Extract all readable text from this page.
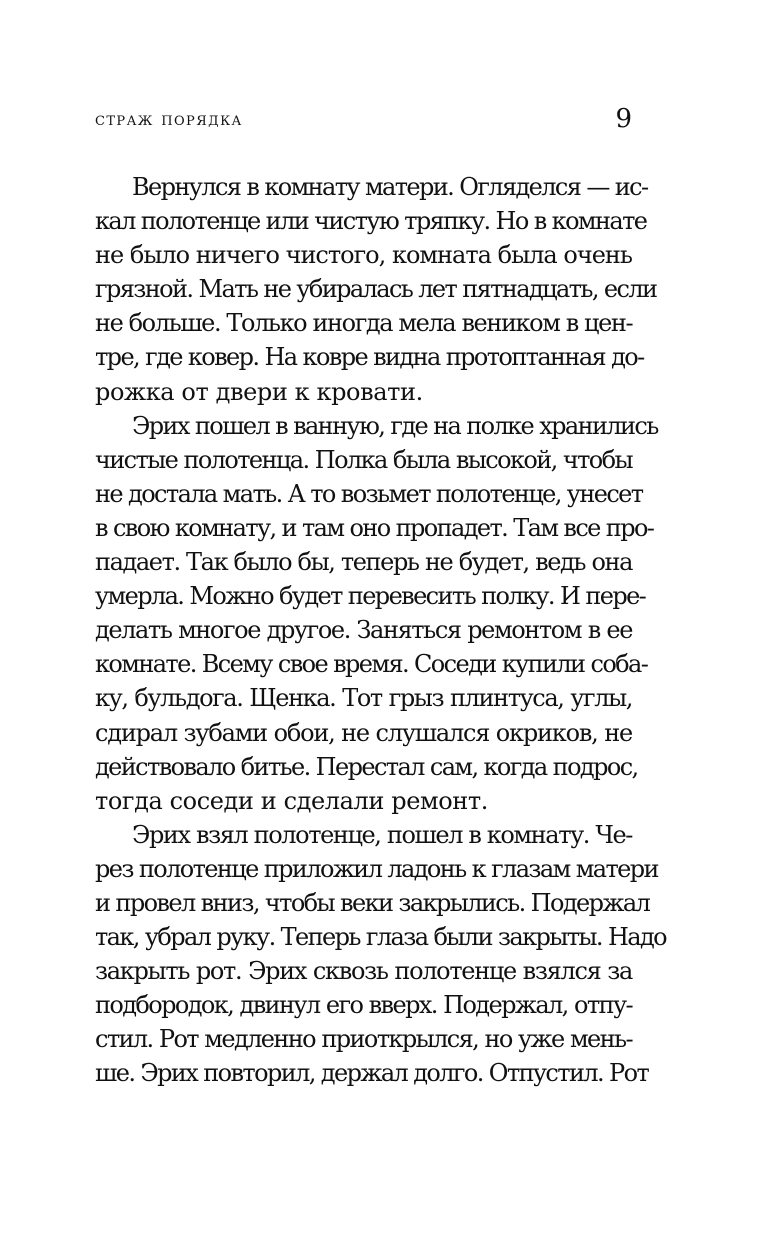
страж порядка	9
Вернулся в комнату матери. Огляделся — ис-
кал полотенце или чистую тряпку. Но в комнате
не было ничего чистого, комната была очень
грязной. Мать не убиралась лет пятнадцать, если
не больше. Только иногда мела веником в цен-
тре, где ковер. На ковре видна протоптанная до-
рожка от двери к кровати.
Эрих пошел в ванную, где на полке хранились
чистые полотенца. Полка была высокой, чтобы
не достала мать. А то возьмет полотенце, унесет
в свою комнату, и там оно пропадет. Там все про-
падает. Так было бы, теперь не будет, ведь она
умерла. Можно будет перевесить полку. И пере-
делать многое другое. Заняться ремонтом в ее
комнате. Всему свое время. Соседи купили соба-
ку, бульдога. Щенка. Тот грыз плинтуса, углы,
сдирал зубами обои, не слушался окриков, не
действовало битье. Перестал сам, когда подрос,
тогда соседи и сделали ремонт.
Эрих взял полотенце, пошел в комнату. Че-
рез полотенце приложил ладонь к глазам матери
и провел вниз, чтобы веки закрылись. Подержал
так, убрал руку. Теперь глаза были закрыты. Надо
закрыть рот. Эрих сквозь полотенце взялся за
подбородок, двинул его вверх. Подержал, отпу-
стил. Рот медленно приоткрылся, но уже мень-
ше. Эрих повторил, держал долго. Отпустил. Рот
